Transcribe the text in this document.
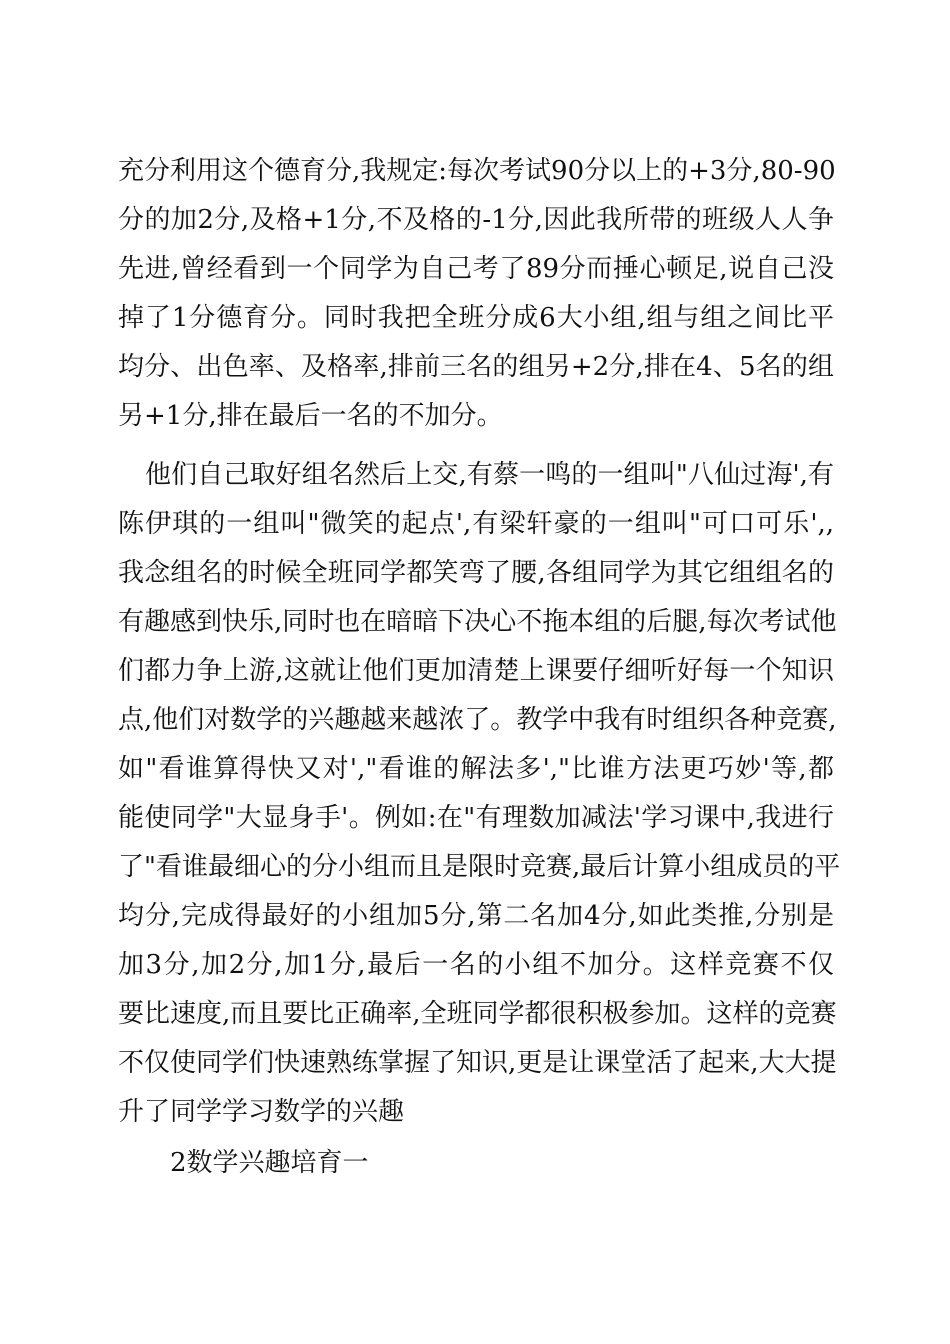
充分利用这个德育分,我规定:每次考试90分以上的+3分,80-90
分的加2分,及格+1分,不及格的-1分,因此我所带的班级人人争
先进,曾经看到一个同学为自己考了89分而捶心顿足,说自己没
掉了1分德育分。同时我把全班分成6大小组,组与组之间比平
均分、出色率、及格率,排前三名的组另+2分,排在4、5名的组
另+1分,排在最后一名的不加分。
他们自己取好组名然后上交,有蔡一鸣的一组叫"八仙过海',有
陈伊琪的一组叫"微笑的起点',有梁轩豪的一组叫"可口可乐',,
我念组名的时候全班同学都笑弯了腰,各组同学为其它组组名的
有趣感到快乐,同时也在暗暗下决心不拖本组的后腿,每次考试他
们都力争上游,这就让他们更加清楚上课要仔细听好每一个知识
点,他们对数学的兴趣越来越浓了。教学中我有时组织各种竞赛,
如"看谁算得快又对',"看谁的解法多',"比谁方法更巧妙'等,都
能使同学"大显身手'。例如:在"有理数加减法'学习课中,我进行
了"看谁最细心的分小组而且是限时竞赛,最后计算小组成员的平
均分,完成得最好的小组加5分,第二名加4分,如此类推,分别是
加3分,加2分,加1分,最后一名的小组不加分。这样竞赛不仅
要比速度,而且要比正确率,全班同学都很积极参加。这样的竞赛
不仅使同学们快速熟练掌握了知识,更是让课堂活了起来,大大提
升了同学学习数学的兴趣
2数学兴趣培育一
